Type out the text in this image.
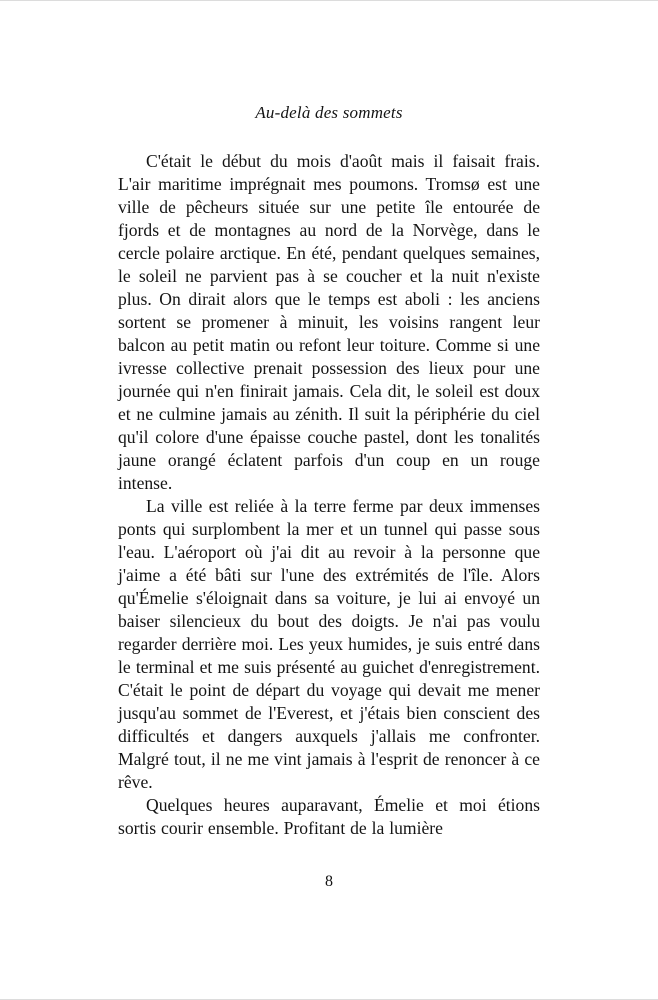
Au-delà des sommets

C'était le début du mois d'août mais il faisait frais. L'air maritime imprégnait mes poumons. Tromsø est une ville de pêcheurs située sur une petite île entourée de fjords et de montagnes au nord de la Norvège, dans le cercle polaire arctique. En été, pendant quelques semaines, le soleil ne parvient pas à se coucher et la nuit n'existe plus. On dirait alors que le temps est aboli : les anciens sortent se promener à minuit, les voisins rangent leur balcon au petit matin ou refont leur toiture. Comme si une ivresse collective prenait possession des lieux pour une journée qui n'en finirait jamais. Cela dit, le soleil est doux et ne culmine jamais au zénith. Il suit la périphérie du ciel qu'il colore d'une épaisse couche pastel, dont les tonalités jaune orangé éclatent parfois d'un coup en un rouge intense.

La ville est reliée à la terre ferme par deux immenses ponts qui surplombent la mer et un tunnel qui passe sous l'eau. L'aéroport où j'ai dit au revoir à la personne que j'aime a été bâti sur l'une des extrémités de l'île. Alors qu'Émelie s'éloignait dans sa voiture, je lui ai envoyé un baiser silencieux du bout des doigts. Je n'ai pas voulu regarder derrière moi. Les yeux humides, je suis entré dans le terminal et me suis présenté au guichet d'enregistrement. C'était le point de départ du voyage qui devait me mener jusqu'au sommet de l'Everest, et j'étais bien conscient des difficultés et dangers auxquels j'allais me confronter. Malgré tout, il ne me vint jamais à l'esprit de renoncer à ce rêve.

Quelques heures auparavant, Émelie et moi étions sortis courir ensemble. Profitant de la lumière

8
